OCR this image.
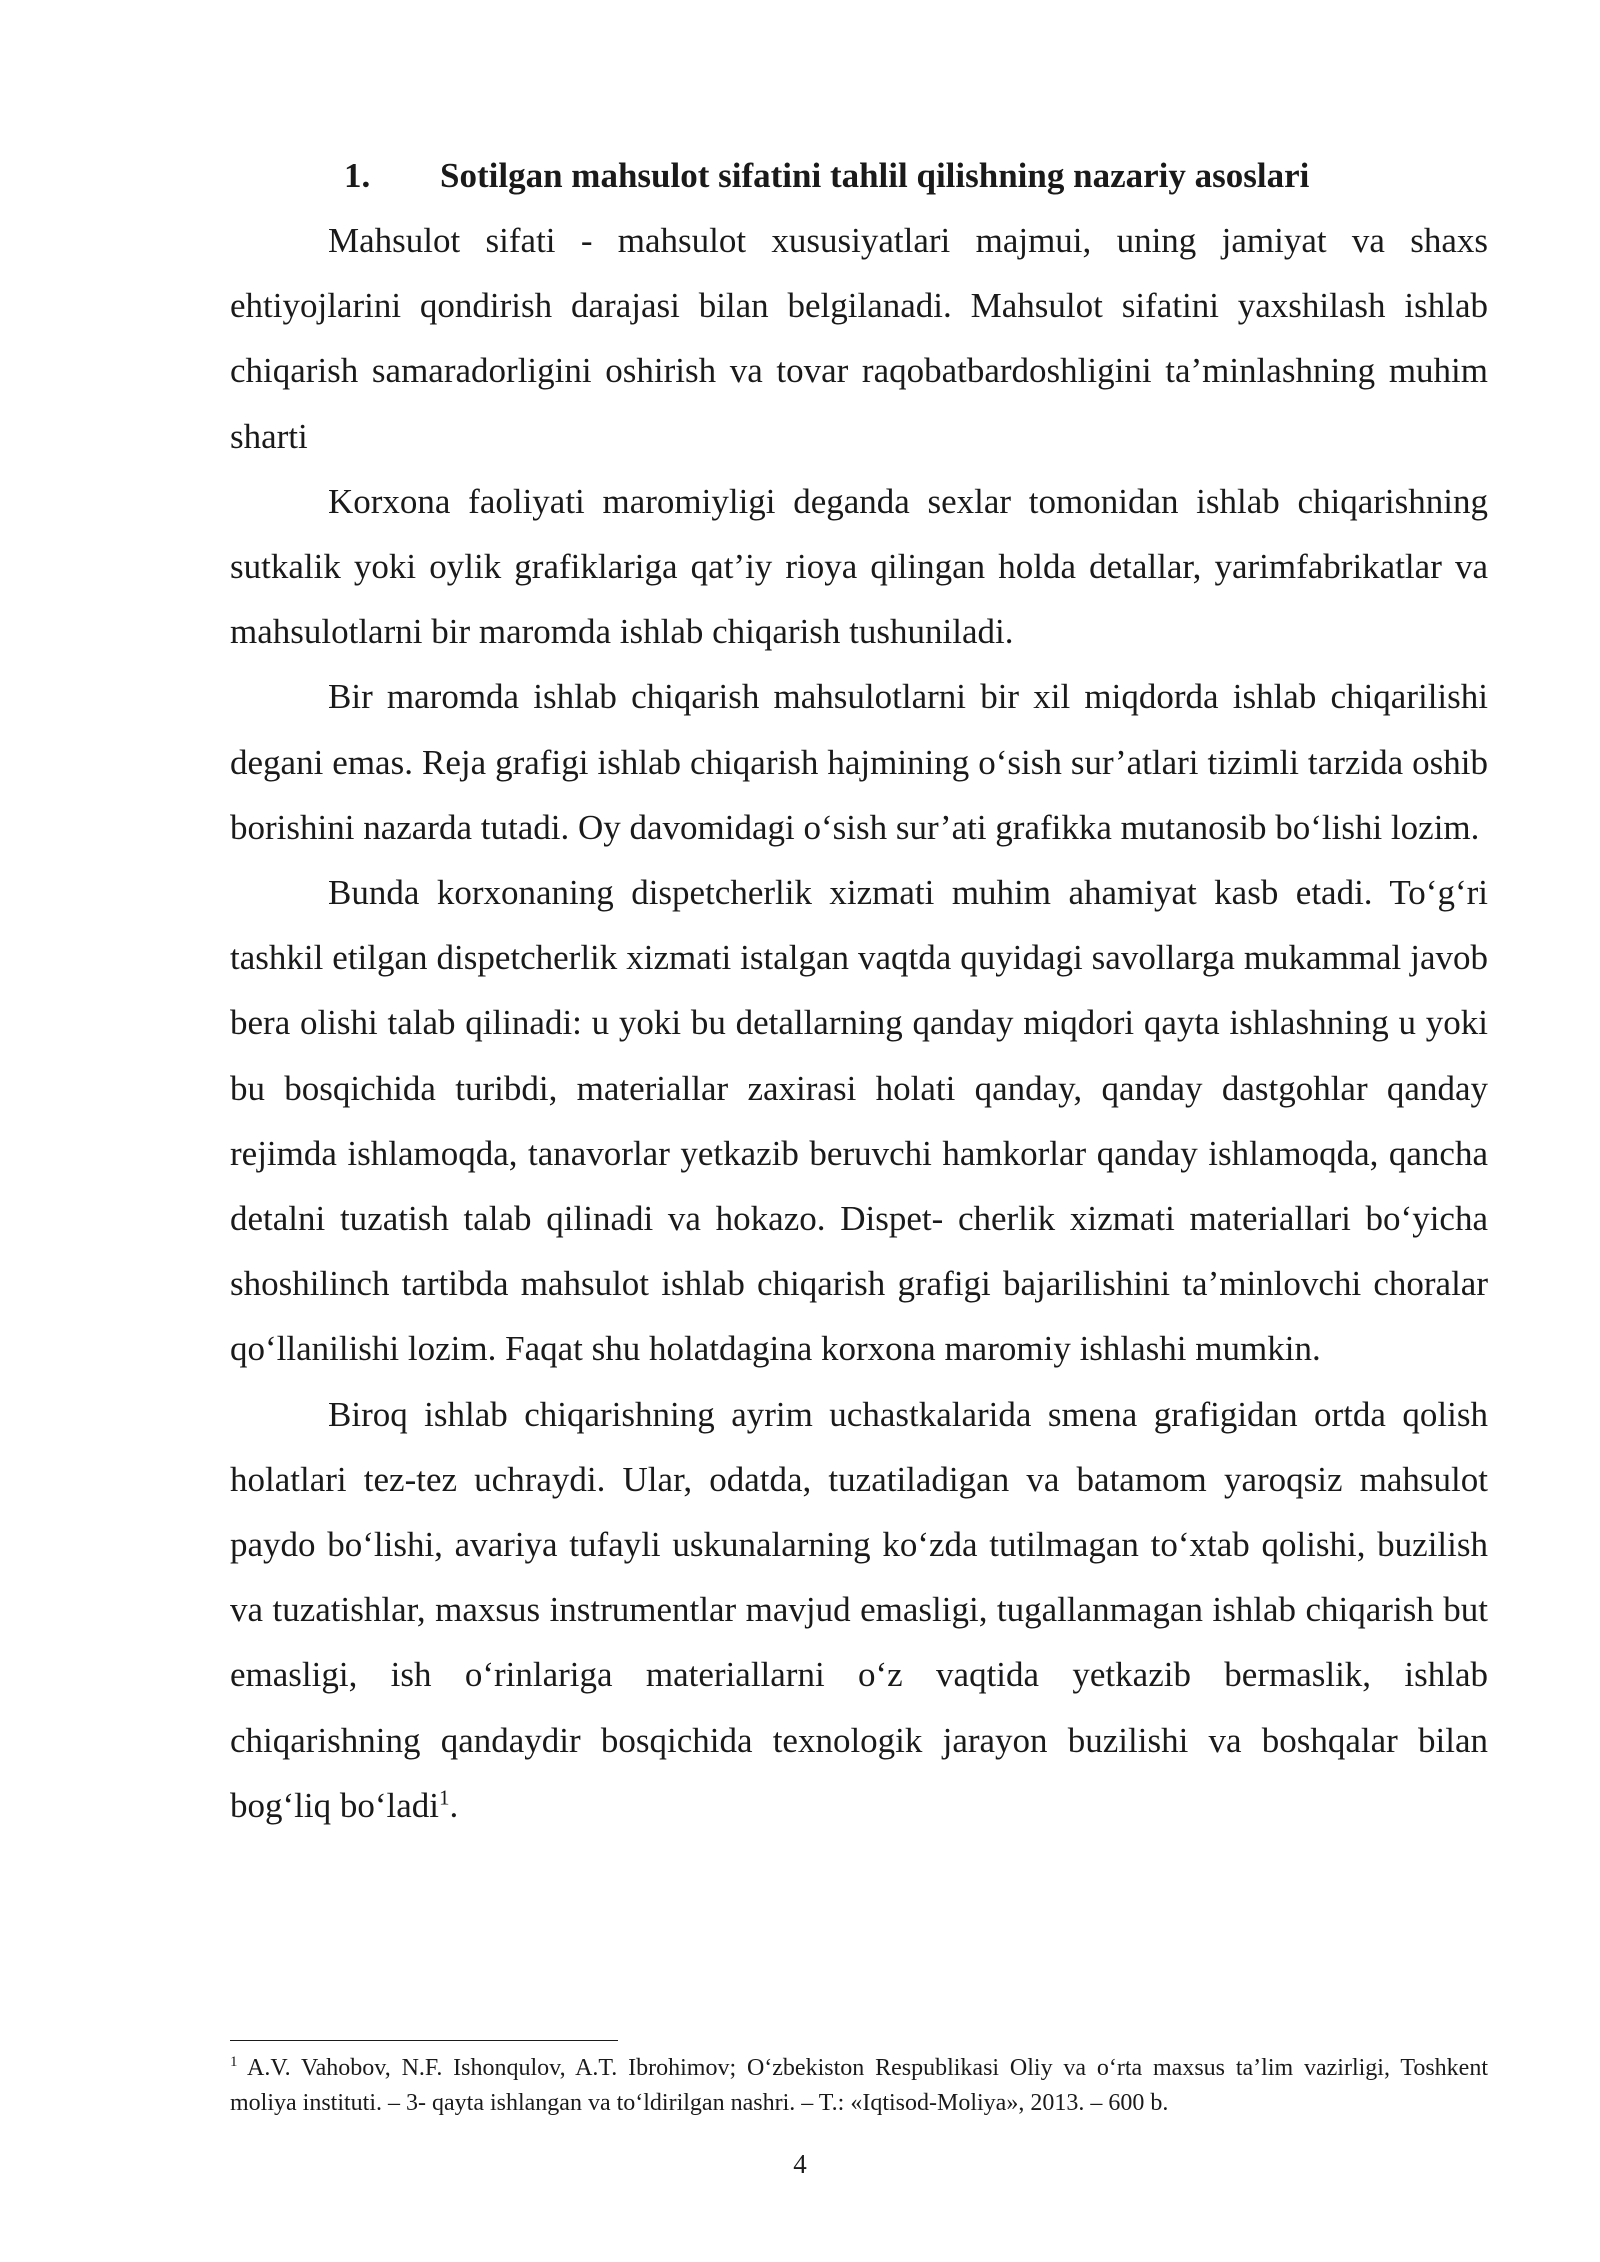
1. Sotilgan mahsulot sifatini tahlil qilishning nazariy asoslari

Mahsulot sifati - mahsulot xususiyatlari majmui, uning jamiyat va shaxs ehtiyojlarini qondirish darajasi bilan belgilanadi. Mahsulot sifatini yaxshilash ishlab chiqarish samaradorligini oshirish va tovar raqobatbardoshligini ta’minlashning muhim sharti

Korxona faoliyati maromiyligi deganda sexlar tomonidan ishlab chiqarishning sutkalik yoki oylik grafiklariga qat’iy rioya qilingan holda detallar, yarimfabrikatlar va mahsulotlarni bir maromda ishlab chiqarish tushuniladi.

Bir maromda ishlab chiqarish mahsulotlarni bir xil miqdorda ishlab chiqarilishi degani emas. Reja grafigi ishlab chiqarish hajmining o‘sish sur’atlari tizimli tarzida oshib borishini nazarda tutadi. Oy davomidagi o‘sish sur’ati grafikka mutanosib bo‘lishi lozim.

Bunda korxonaning dispetcherlik xizmati muhim ahamiyat kasb etadi. To‘g‘ri tashkil etilgan dispetcherlik xizmati istalgan vaqtda quyidagi savollarga mukammal javob bera olishi talab qilinadi: u yoki bu detallarning qanday miqdori qayta ishlashning u yoki bu bosqichida turibdi, materiallar zaxirasi holati qanday, qanday dastgohlar qanday rejimda ishlamoqda, tanavorlar yetkazib beruvchi hamkorlar qanday ishlamoqda, qancha detalni tuzatish talab qilinadi va hokazo. Dispet- cherlik xizmati materiallari bo‘yicha shoshilinch tartibda mahsulot ishlab chiqarish grafigi bajarilishini ta’minlovchi choralar qo‘llanilishi lozim. Faqat shu holatdagina korxona maromiy ishlashi mumkin.

Biroq ishlab chiqarishning ayrim uchastkalarida smena grafigidan ortda qolish holatlari tez-tez uchraydi. Ular, odatda, tuzatiladigan va batamom yaroqsiz mahsulot paydo bo‘lishi, avariya tufayli uskunalarning ko‘zda tutilmagan to‘xtab qolishi, buzilish va tuzatishlar, maxsus instrumentlar mavjud emasligi, tugallanmagan ishlab chiqarish but emasligi, ish o‘rinlariga materiallarni o‘z vaqtida yetkazib bermaslik, ishlab chiqarishning qandaydir bosqichida texnologik jarayon buzilishi va boshqalar bilan bog‘liq bo‘ladi$^1$.

$^1$ A.V. Vahobov, N.F. Ishonqulov, A.T. Ibrohimov; O‘zbekiston Respublikasi Oliy va o‘rta maxsus ta’lim vazirligi, Toshkent moliya instituti. – 3- qayta ishlangan va to‘ldirilgan nashri. – T.: «Iqtisod-Moliya», 2013. – 600 b.

4
